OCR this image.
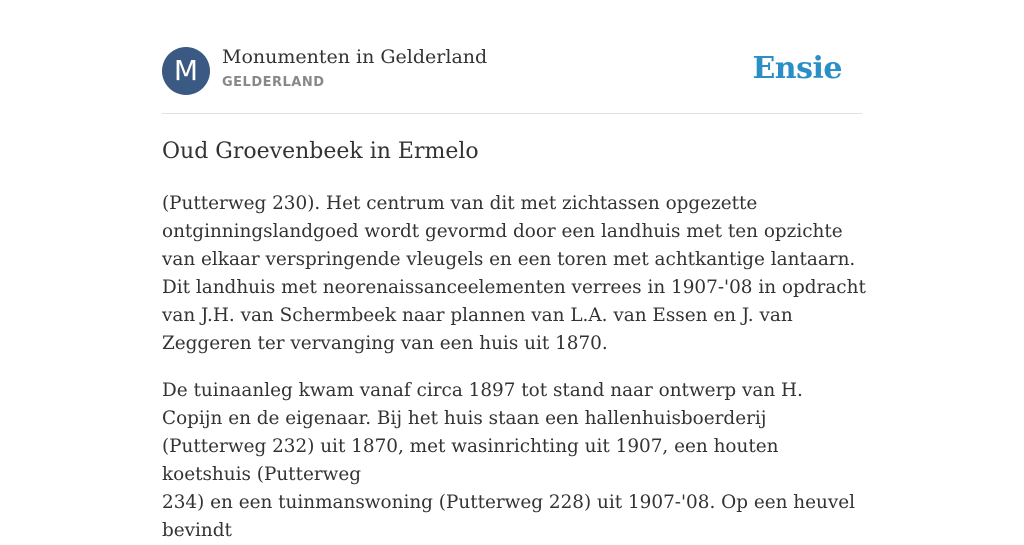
M	Monumenten in Gelderland
GELDERLAND	Ensie
Oud Groevenbeek in Ermelo

(Putterweg 230). Het centrum van dit met zichtassen opgezette ontginningslandgoed wordt gevormd door een landhuis met ten opzichte van elkaar verspringende vleugels en een toren met achtkantige lantaarn. Dit landhuis met neorenaissanceelementen verrees in 1907-'08 in opdracht van J.H. van Schermbeek naar plannen van L.A. van Essen en J. van Zeggeren ter vervanging van een huis uit 1870.

De tuinaanleg kwam vanaf circa 1897 tot stand naar ontwerp van H. Copijn en de eigenaar. Bij het huis staan een hallenhuisboerderij (Putterweg 232) uit 1870, met wasinrichting uit 1907, een houten koetshuis (Putterweg

234) en een tuinmanswoning (Putterweg 228) uit 1907-'08. Op een heuvel bevindt
